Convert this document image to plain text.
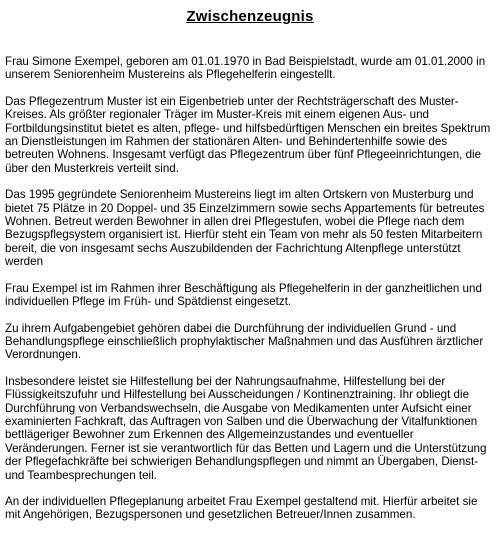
Zwischenzeugnis

Frau Simone Exempel, geboren am 01.01.1970 in Bad Beispielstadt, wurde am 01.01.2000 in unserem Seniorenheim Mustereins als Pflegehelferin eingestellt.

Das Pflegezentrum Muster ist ein Eigenbetrieb unter der Rechtsträgerschaft des Muster-Kreises. Als größter regionaler Träger im Muster-Kreis mit einem eigenen Aus- und Fortbildungsinstitut bietet es alten, pflege- und hilfsbedürftigen Menschen ein breites Spektrum an Dienstleistungen im Rahmen der stationären Alten- und Behindertenhilfe sowie des betreuten Wohnens. Insgesamt verfügt das Pflegezentrum über fünf Pflegeeinrichtungen, die über den Musterkreis verteilt sind.

Das 1995 gegründete Seniorenheim Mustereins liegt im alten Ortskern von Musterburg und bietet 75 Plätze in 20 Doppel- und 35 Einzelzimmern sowie sechs Appartements für betreutes Wohnen. Betreut werden Bewohner in allen drei Pflegestufen, wobei die Pflege nach dem Bezugspflegsystem organisiert ist. Hierfür steht ein Team von mehr als 50 festen Mitarbeitern bereit, die von insgesamt sechs Auszubildenden der Fachrichtung Altenpflege unterstützt werden

Frau Exempel ist im Rahmen ihrer Beschäftigung als Pflegehelferin in der ganzheitlichen und individuellen Pflege im Früh- und Spätdienst eingesetzt.

Zu ihrem Aufgabengebiet gehören dabei die Durchführung der individuellen Grund - und Behandlungspflege einschließlich prophylaktischer Maßnahmen und das Ausführen ärztlicher Verordnungen.

Insbesondere leistet sie Hilfestellung bei der Nahrungsaufnahme, Hilfestellung bei der Flüssigkeitszufuhr und Hilfestellung bei Ausscheidungen / Kontinenztraining. Ihr obliegt die Durchführung von Verbandswechseln, die Ausgabe von Medikamenten unter Aufsicht einer examinierten Fachkraft, das Auftragen von Salben und die Überwachung der Vitalfunktionen bettlägeriger Bewohner zum Erkennen des Allgemeinzustandes und eventueller Veränderungen. Ferner ist sie verantwortlich für das Betten und Lagern und die Unterstützung der Pflegefachkräfte bei schwierigen Behandlungspflegen und nimmt an Übergaben, Dienst- und Teambesprechungen teil.

An der individuellen Pflegeplanung arbeitet Frau Exempel gestaltend mit. Hierfür arbeitet sie mit Angehörigen, Bezugspersonen und gesetzlichen Betreuer/Innen zusammen.
